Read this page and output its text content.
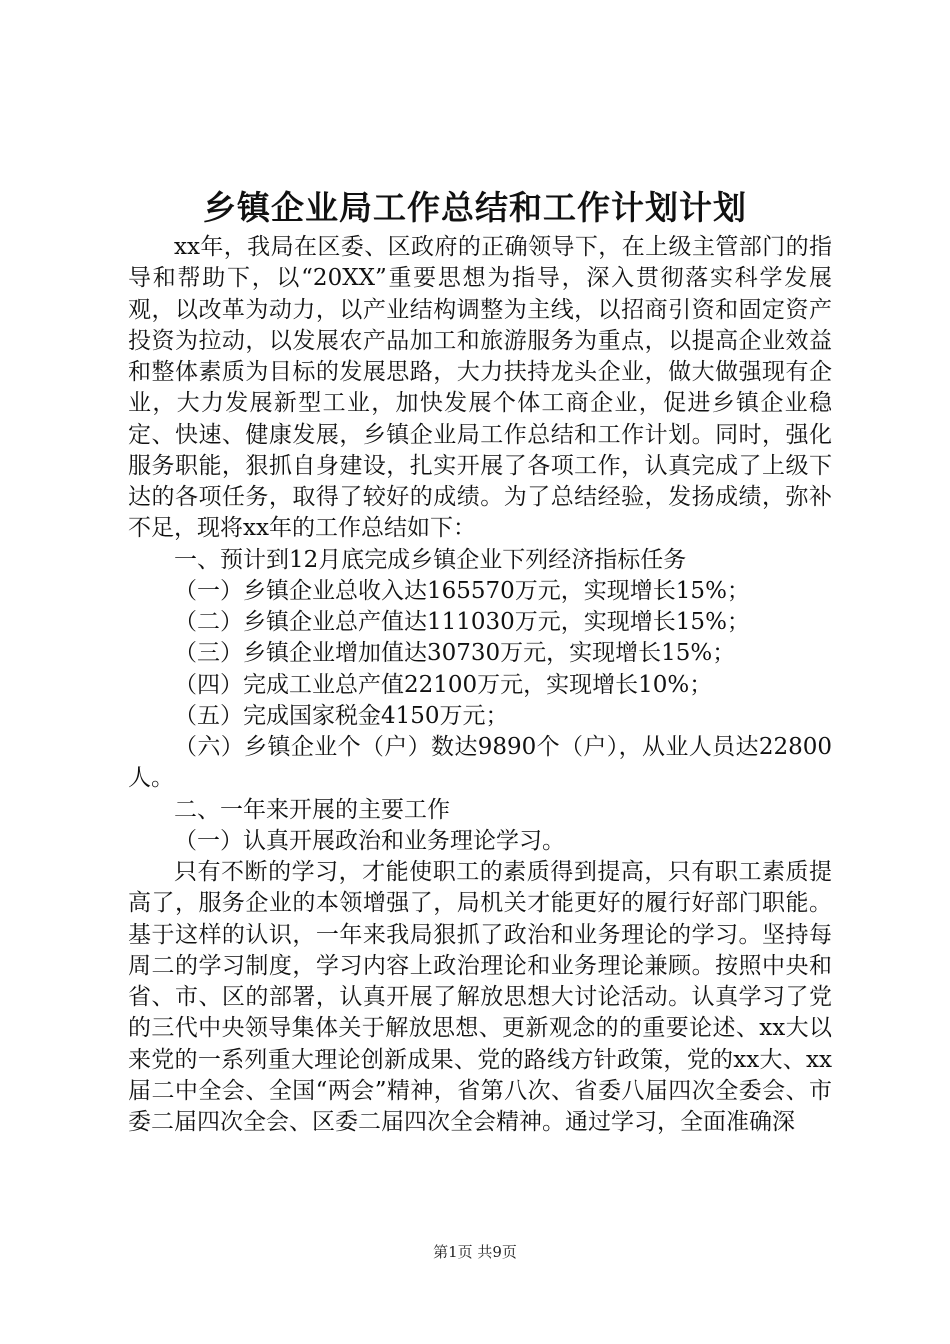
乡镇企业局工作总结和工作计划计划

xx年，我局在区委、区政府的正确领导下，在上级主管部门的指导和帮助下，以“20XX”重要思想为指导，深入贯彻落实科学发展观，以改革为动力，以产业结构调整为主线，以招商引资和固定资产投资为拉动，以发展农产品加工和旅游服务为重点，以提高企业效益和整体素质为目标的发展思路，大力扶持龙头企业，做大做强现有企业，大力发展新型工业，加快发展个体工商企业，促进乡镇企业稳定、快速、健康发展，乡镇企业局工作总结和工作计划。同时，强化服务职能，狠抓自身建设，扎实开展了各项工作，认真完成了上级下达的各项任务，取得了较好的成绩。为了总结经验，发扬成绩，弥补不足，现将xx年的工作总结如下：

一、预计到12月底完成乡镇企业下列经济指标任务

（一）乡镇企业总收入达165570万元，实现增长15%；

（二）乡镇企业总产值达111030万元，实现增长15%；

（三）乡镇企业增加值达30730万元，实现增长15%；

（四）完成工业总产值22100万元，实现增长10%；

（五）完成国家税金4150万元；

（六）乡镇企业个（户）数达9890个（户），从业人员达22800人。

二、一年来开展的主要工作

（一）认真开展政治和业务理论学习。

只有不断的学习，才能使职工的素质得到提高，只有职工素质提高了，服务企业的本领增强了，局机关才能更好的履行好部门职能。基于这样的认识，一年来我局狠抓了政治和业务理论的学习。坚持每周二的学习制度，学习内容上政治理论和业务理论兼顾。按照中央和省、市、区的部署，认真开展了解放思想大讨论活动。认真学习了党的三代中央领导集体关于解放思想、更新观念的的重要论述、xx大以来党的一系列重大理论创新成果、党的路线方针政策，党的xx大、xx届二中全会、全国“两会”精神，省第八次、省委八届四次全委会、市委二届四次全会、区委二届四次全会精神。通过学习，全面准确深

第1页 共9页
